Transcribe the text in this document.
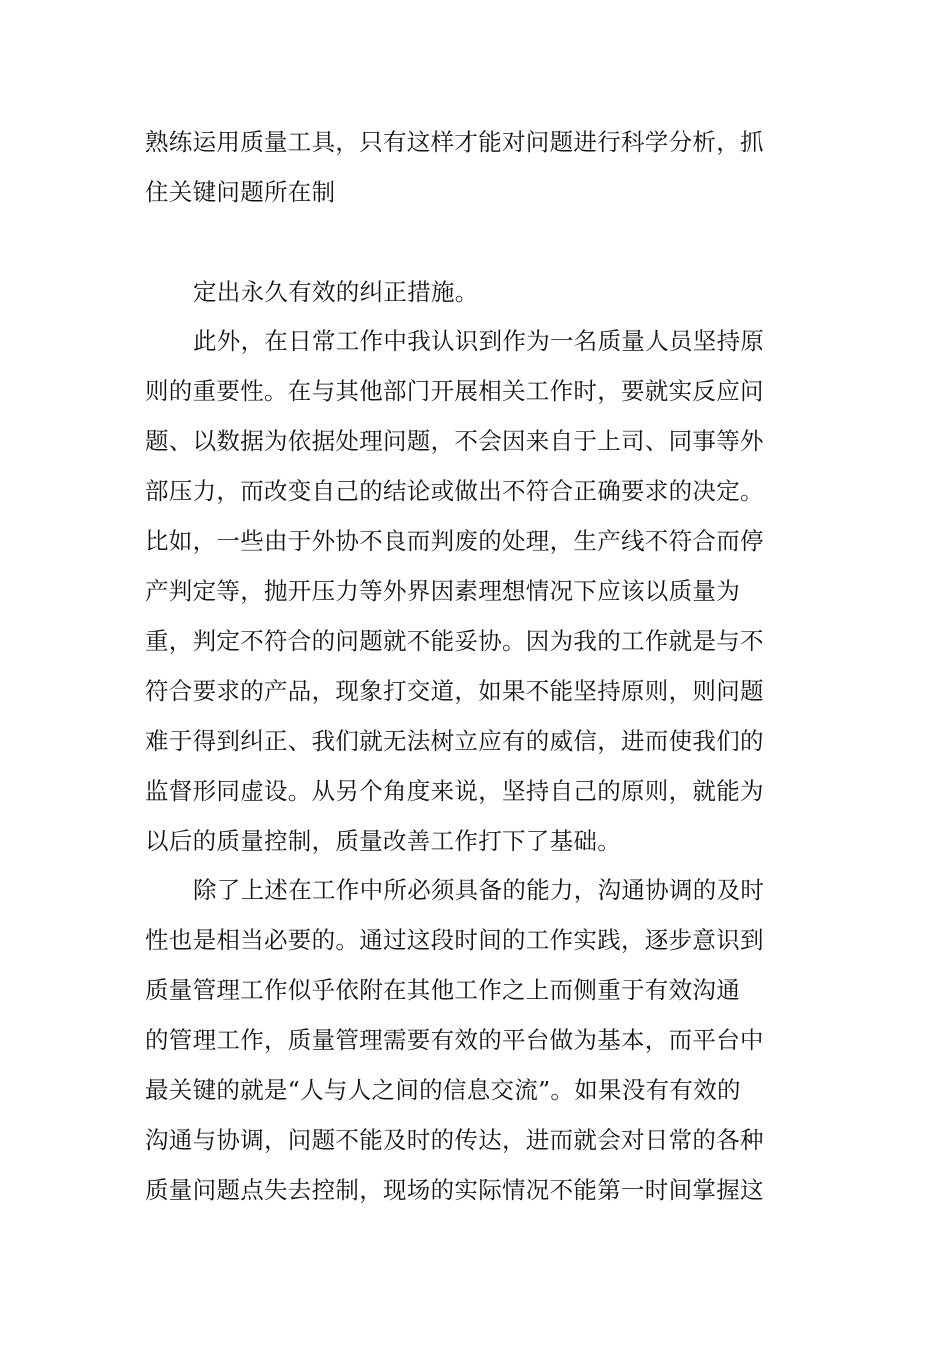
熟练运用质量工具，只有这样才能对问题进行科学分析，抓
住关键问题所在制
定出永久有效的纠正措施。
此外，在日常工作中我认识到作为一名质量人员坚持原
则的重要性。在与其他部门开展相关工作时，要就实反应问
题、以数据为依据处理问题，不会因来自于上司、同事等外
部压力，而改变自己的结论或做出不符合正确要求的决定。
比如，一些由于外协不良而判废的处理，生产线不符合而停
产判定等，抛开压力等外界因素理想情况下应该以质量为
重，判定不符合的问题就不能妥协。因为我的工作就是与不
符合要求的产品，现象打交道，如果不能坚持原则，则问题
难于得到纠正、我们就无法树立应有的威信，进而使我们的
监督形同虚设。从另个角度来说，坚持自己的原则，就能为
以后的质量控制，质量改善工作打下了基础。
除了上述在工作中所必须具备的能力，沟通协调的及时
性也是相当必要的。通过这段时间的工作实践，逐步意识到
质量管理工作似乎依附在其他工作之上而侧重于有效沟通
的管理工作，质量管理需要有效的平台做为基本，而平台中
最关键的就是“人与人之间的信息交流”。如果没有有效的
沟通与协调，问题不能及时的传达，进而就会对日常的各种
质量问题点失去控制，现场的实际情况不能第一时间掌握这
